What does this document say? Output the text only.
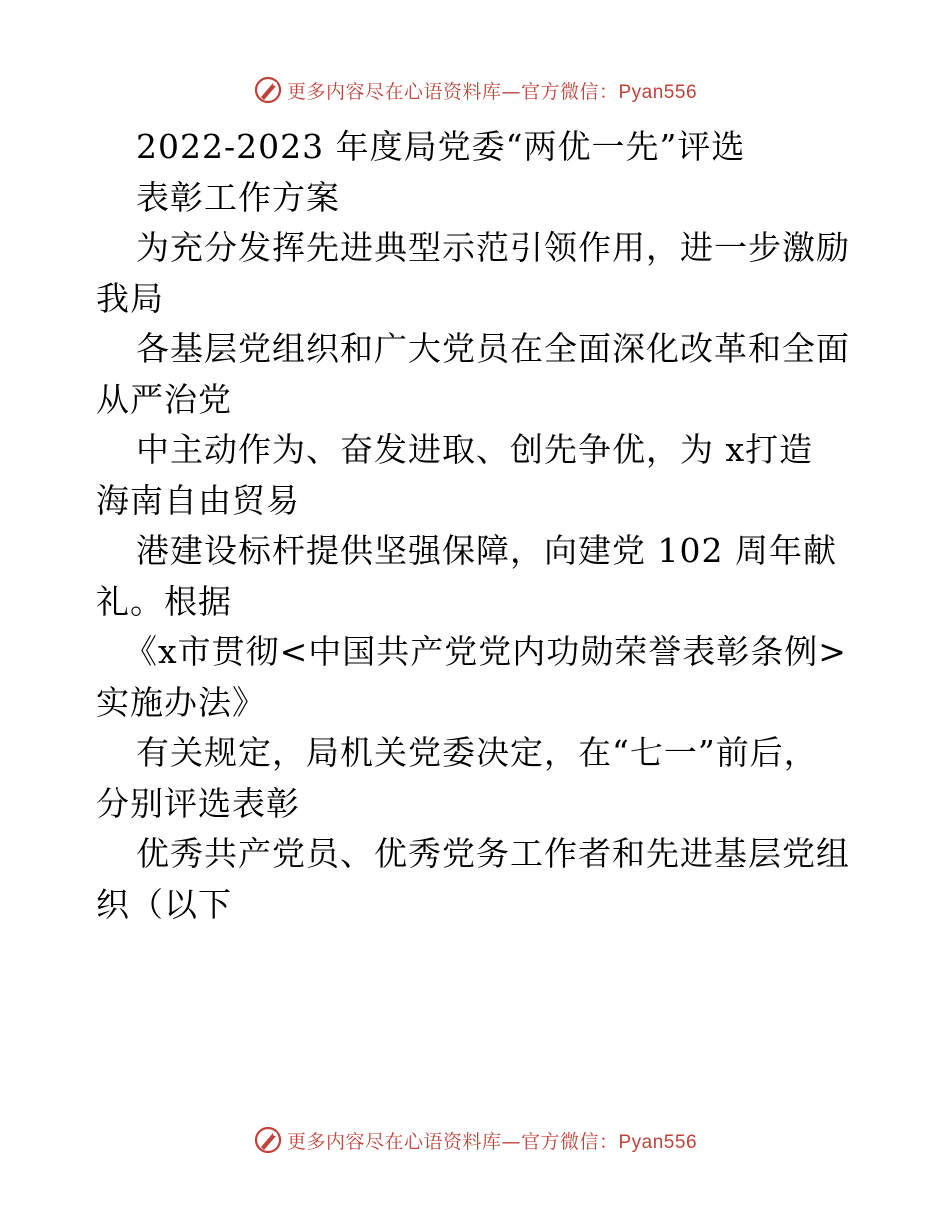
更多内容尽在心语资料库—官方微信：Pyan556
2022-2023 年度局党委“两优一先”评选
表彰工作方案
为充分发挥先进典型示范引领作用，进一步激励
我局
各基层党组织和广大党员在全面深化改革和全面
从严治党
中主动作为、奋发进取、创先争优，为 x打造
海南自由贸易
港建设标杆提供坚强保障，向建党 102 周年献
礼。根据
《x市贯彻<中国共产党党内功勋荣誉表彰条例>
实施办法》
有关规定，局机关党委决定，在“七一”前后，
分别评选表彰
优秀共产党员、优秀党务工作者和先进基层党组
织（以下
更多内容尽在心语资料库—官方微信：Pyan556
